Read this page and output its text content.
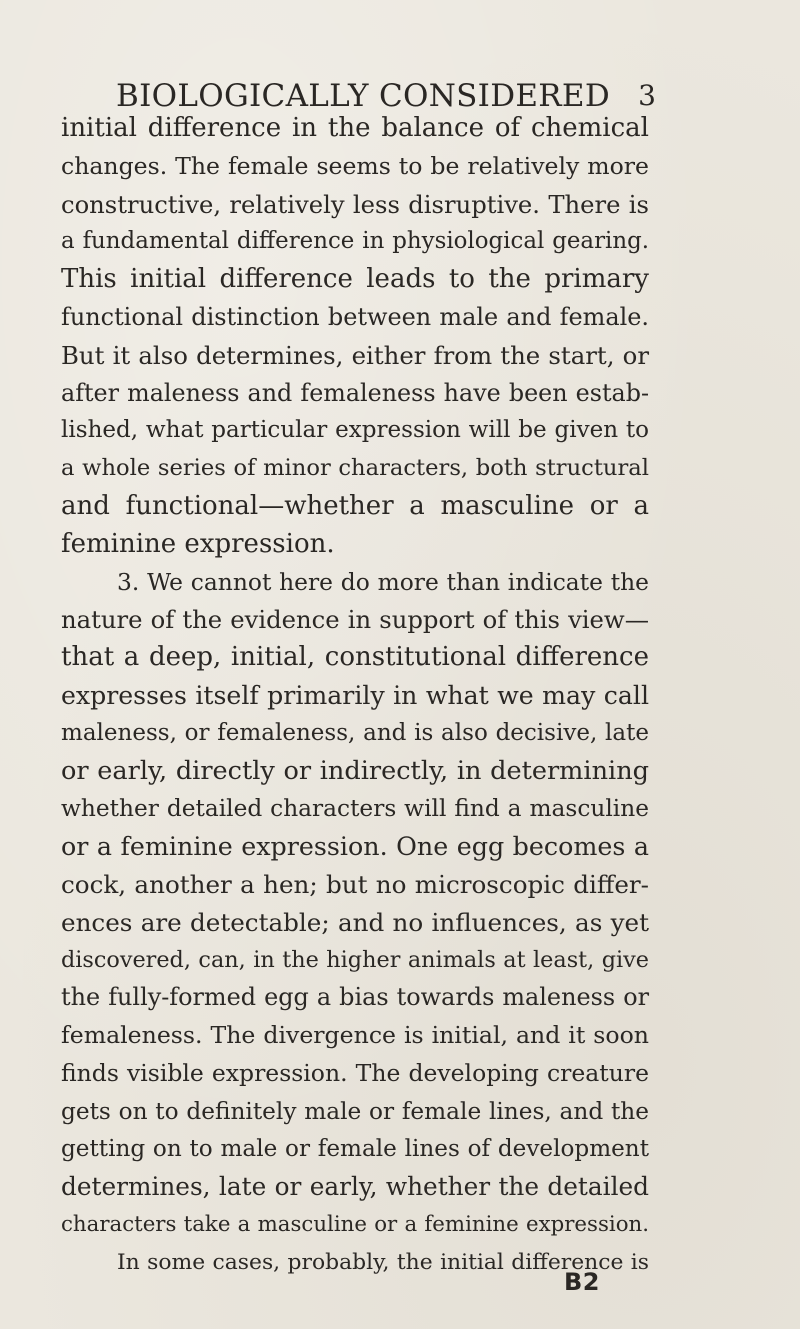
BIOLOGICALLY CONSIDERED 3
initial difference in the balance of chemical
changes. The female seems to be relatively more
constructive, relatively less disruptive. There is
a fundamental difference in physiological gearing.
This initial difference leads to the primary
functional distinction between male and female.
But it also determines, either from the start, or
after maleness and femaleness have been estab-
lished, what particular expression will be given to
a whole series of minor characters, both structural
and functional—whether a masculine or a
feminine expression.
3. We cannot here do more than indicate the
nature of the evidence in support of this view—
that a deep, initial, constitutional difference
expresses itself primarily in what we may call
maleness, or femaleness, and is also decisive, late
or early, directly or indirectly, in determining
whether detailed characters will find a masculine
or a feminine expression. One egg becomes a
cock, another a hen; but no microscopic differ-
ences are detectable; and no influences, as yet
discovered, can, in the higher animals at least, give
the fully-formed egg a bias towards maleness or
femaleness. The divergence is initial, and it soon
finds visible expression. The developing creature
gets on to definitely male or female lines, and the
getting on to male or female lines of development
determines, late or early, whether the detailed
characters take a masculine or a feminine expression.
In some cases, probably, the initial difference is
B2
